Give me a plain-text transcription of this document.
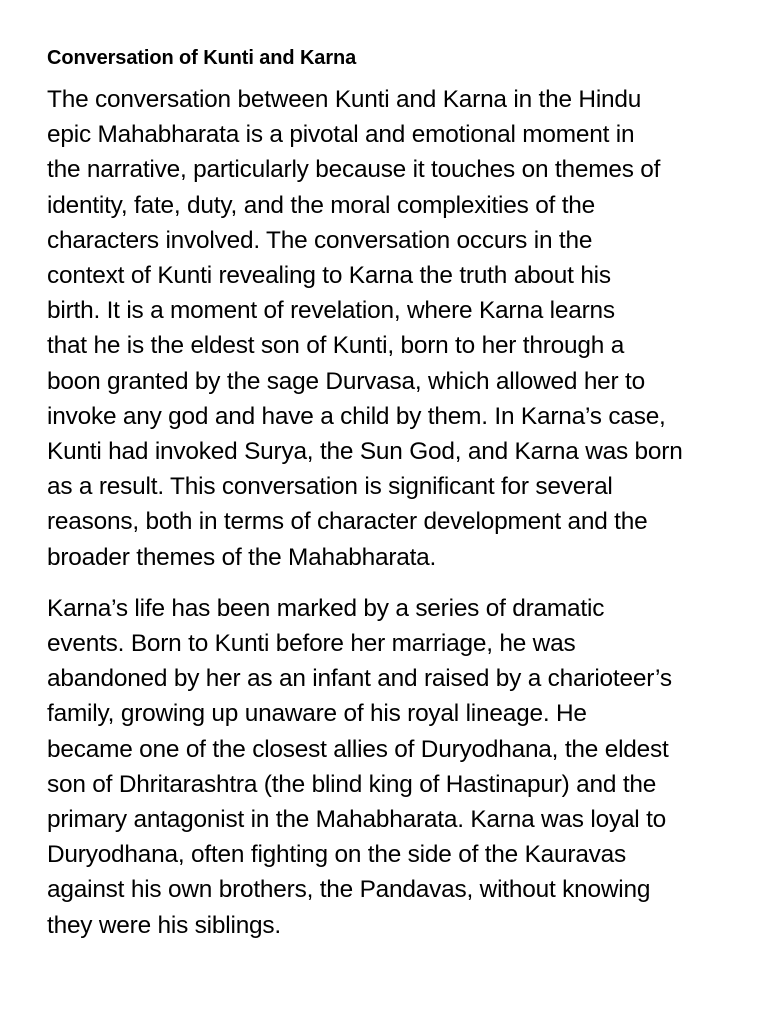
Conversation of Kunti and Karna
The conversation between Kunti and Karna in the Hindu
epic Mahabharata is a pivotal and emotional moment in
the narrative, particularly because it touches on themes of
identity, fate, duty, and the moral complexities of the
characters involved. The conversation occurs in the
context of Kunti revealing to Karna the truth about his
birth. It is a moment of revelation, where Karna learns
that he is the eldest son of Kunti, born to her through a
boon granted by the sage Durvasa, which allowed her to
invoke any god and have a child by them. In Karna’s case,
Kunti had invoked Surya, the Sun God, and Karna was born
as a result. This conversation is significant for several
reasons, both in terms of character development and the
broader themes of the Mahabharata.
Karna’s life has been marked by a series of dramatic
events. Born to Kunti before her marriage, he was
abandoned by her as an infant and raised by a charioteer’s
family, growing up unaware of his royal lineage. He
became one of the closest allies of Duryodhana, the eldest
son of Dhritarashtra (the blind king of Hastinapur) and the
primary antagonist in the Mahabharata. Karna was loyal to
Duryodhana, often fighting on the side of the Kauravas
against his own brothers, the Pandavas, without knowing
they were his siblings.
